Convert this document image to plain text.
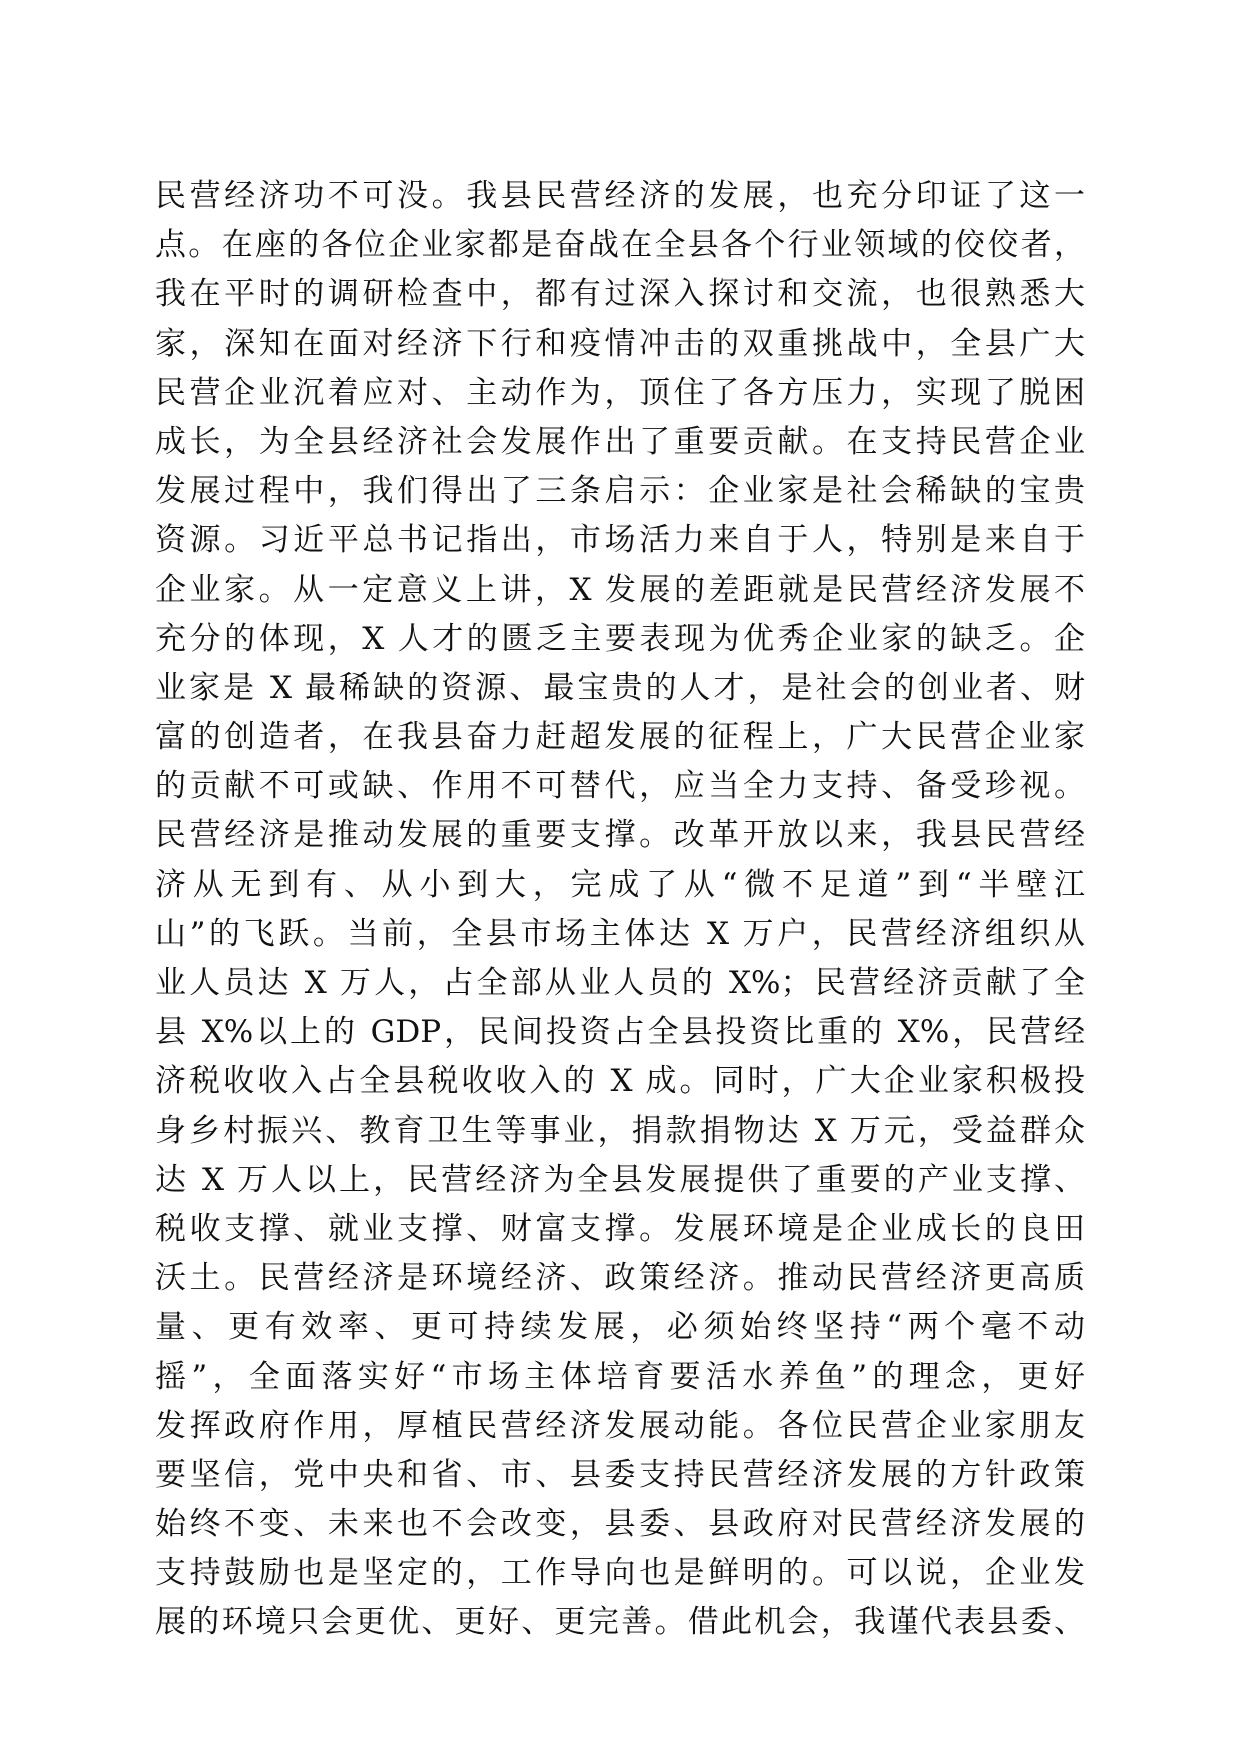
民营经济功不可没。我县民营经济的发展，也充分印证了这一
点。在座的各位企业家都是奋战在全县各个行业领域的佼佼者，
我在平时的调研检查中，都有过深入探讨和交流，也很熟悉大
家，深知在面对经济下行和疫情冲击的双重挑战中，全县广大
民营企业沉着应对、主动作为，顶住了各方压力，实现了脱困
成长，为全县经济社会发展作出了重要贡献。在支持民营企业
发展过程中，我们得出了三条启示：企业家是社会稀缺的宝贵
资源。习近平总书记指出，市场活力来自于人，特别是来自于
企业家。从一定意义上讲，X 发展的差距就是民营经济发展不
充分的体现，X 人才的匮乏主要表现为优秀企业家的缺乏。企
业家是 X 最稀缺的资源、最宝贵的人才，是社会的创业者、财
富的创造者，在我县奋力赶超发展的征程上，广大民营企业家
的贡献不可或缺、作用不可替代，应当全力支持、备受珍视。
民营经济是推动发展的重要支撑。改革开放以来，我县民营经
济从无到有、从小到大，完成了从“微不足道”到“半壁江
山”的飞跃。当前，全县市场主体达 X 万户，民营经济组织从
业人员达 X 万人，占全部从业人员的 X%；民营经济贡献了全
县 X%以上的 GDP，民间投资占全县投资比重的 X%，民营经
济税收收入占全县税收收入的 X 成。同时，广大企业家积极投
身乡村振兴、教育卫生等事业，捐款捐物达 X 万元，受益群众
达 X 万人以上，民营经济为全县发展提供了重要的产业支撑、
税收支撑、就业支撑、财富支撑。发展环境是企业成长的良田
沃土。民营经济是环境经济、政策经济。推动民营经济更高质
量、更有效率、更可持续发展，必须始终坚持“两个毫不动
摇”，全面落实好“市场主体培育要活水养鱼”的理念，更好
发挥政府作用，厚植民营经济发展动能。各位民营企业家朋友
要坚信，党中央和省、市、县委支持民营经济发展的方针政策
始终不变、未来也不会改变，县委、县政府对民营经济发展的
支持鼓励也是坚定的，工作导向也是鲜明的。可以说，企业发
展的环境只会更优、更好、更完善。借此机会，我谨代表县委、
